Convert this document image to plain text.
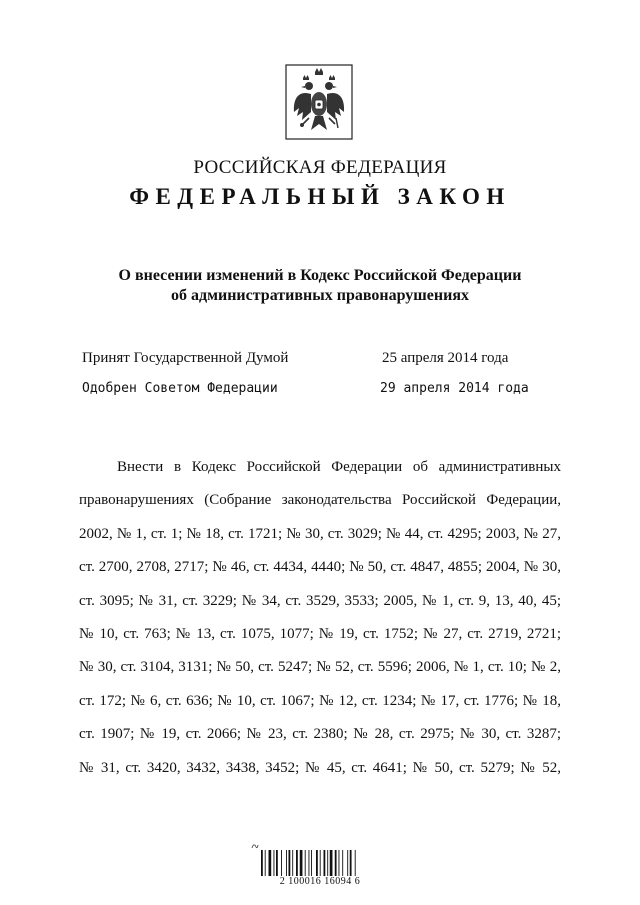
РОССИЙСКАЯ ФЕДЕРАЦИЯ
ФЕДЕРАЛЬНЫЙ ЗАКОН
О внесении изменений в Кодекс Российской Федерации
об административных правонарушениях
Принят Государственной Думой	25 апреля 2014 года
Одобрен Советом Федерации	29 апреля 2014 года
Внести в Кодекс Российской Федерации об административных
правонарушениях (Собрание законодательства Российской Федерации,
2002, № 1, ст. 1; № 18, ст. 1721; № 30, ст. 3029; № 44, ст. 4295; 2003, № 27,
ст. 2700, 2708, 2717; № 46, ст. 4434, 4440; № 50, ст. 4847, 4855; 2004, № 30,
ст. 3095; № 31, ст. 3229; № 34, ст. 3529, 3533; 2005, № 1, ст. 9, 13, 40, 45;
№ 10, ст. 763; № 13, ст. 1075, 1077; № 19, ст. 1752; № 27, ст. 2719, 2721;
№ 30, ст. 3104, 3131; № 50, ст. 5247; № 52, ст. 5596; 2006, № 1, ст. 10; № 2,
ст. 172; № 6, ст. 636; № 10, ст. 1067; № 12, ст. 1234; № 17, ст. 1776; № 18,
ст. 1907; № 19, ст. 2066; № 23, ст. 2380; № 28, ст. 2975; № 30, ст. 3287;
№ 31, ст. 3420, 3432, 3438, 3452; № 45, ст. 4641; № 50, ст. 5279; № 52,
2 100016 16094 6
